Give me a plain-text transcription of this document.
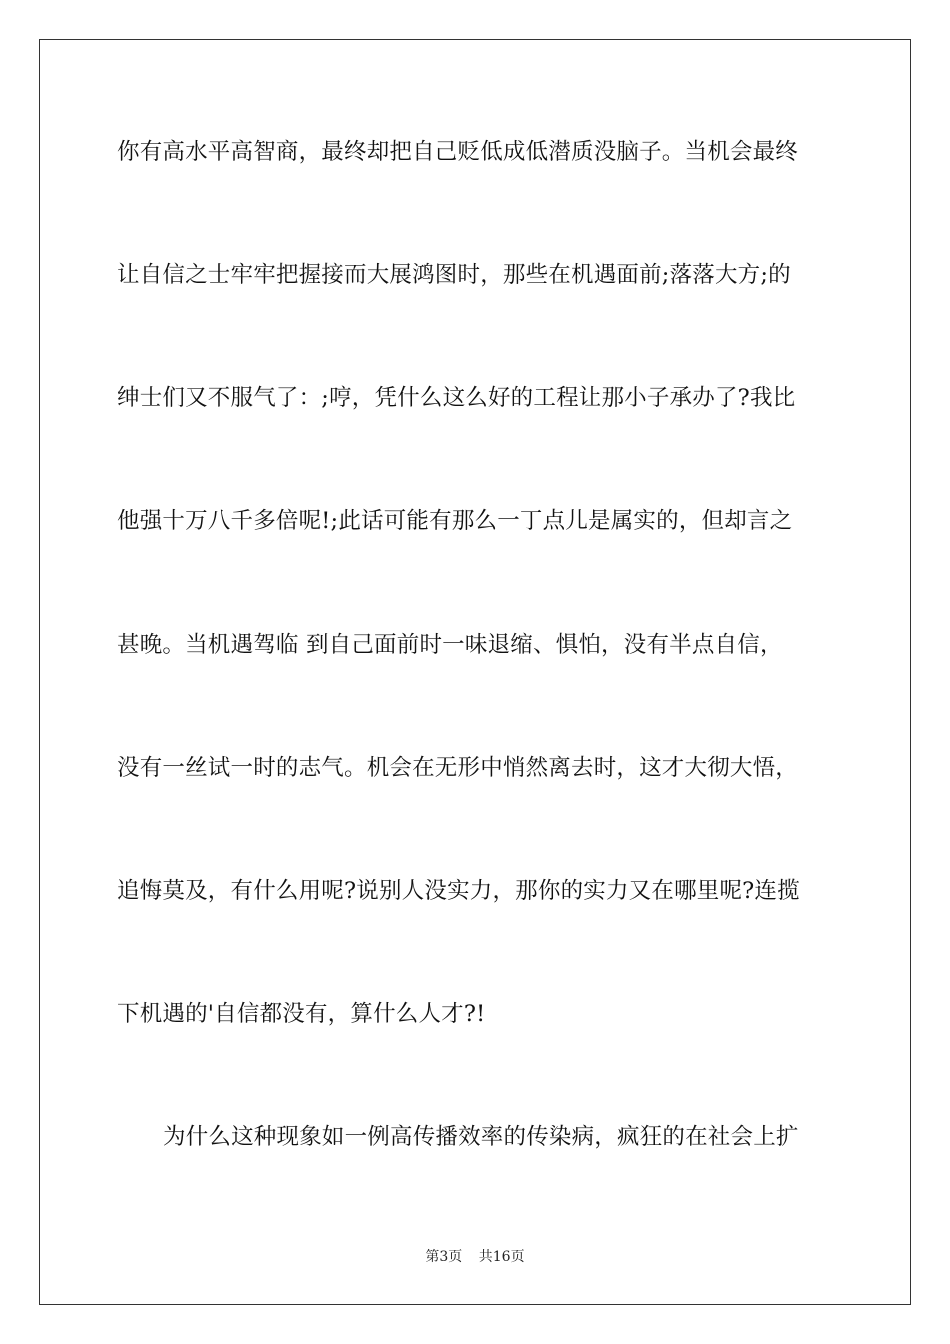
你有高水平高智商，最终却把自己贬低成低潜质没脑子。当机会最终
让自信之士牢牢把握接而大展鸿图时，那些在机遇面前;落落大方;的
绅士们又不服气了：;哼，凭什么这么好的工程让那小子承办了?我比
他强十万八千多倍呢!;此话可能有那么一丁点儿是属实的，但却言之
甚晚。当机遇驾临 到自己面前时一味退缩、惧怕，没有半点自信，
没有一丝试一时的志气。机会在无形中悄然离去时，这才大彻大悟，
追悔莫及，有什么用呢?说别人没实力，那你的实力又在哪里呢?连揽
下机遇的'自信都没有，算什么人才?!
为什么这种现象如一例高传播效率的传染病，疯狂的在社会上扩
第3页 共16页
